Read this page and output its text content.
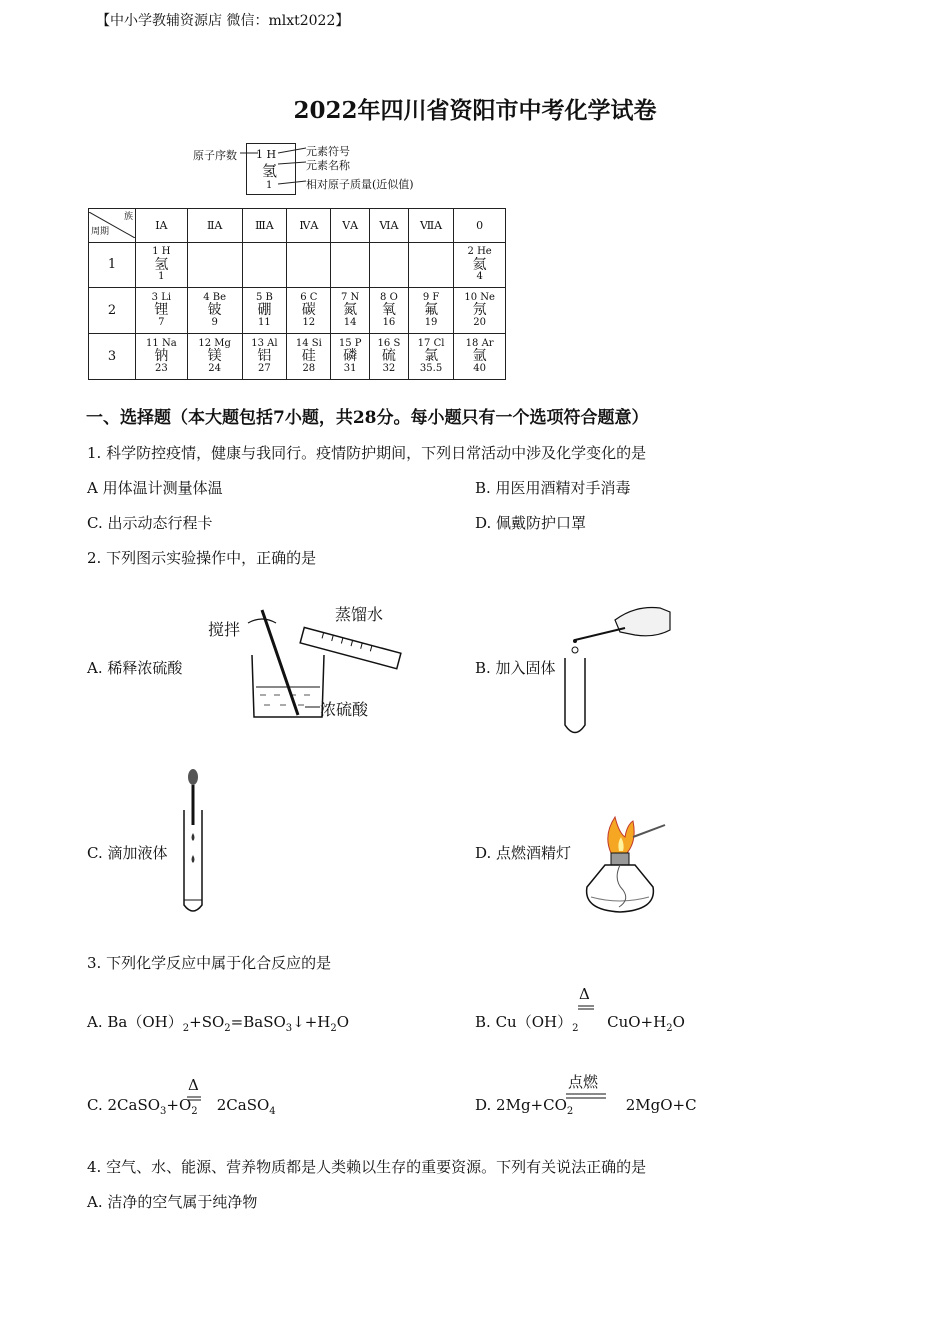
【中小学教辅资源店 微信：mlxt2022】
2022年四川省资阳市中考化学试卷
原子序数 1 H
氢
1
元素符号
元素名称
相对原子质量(近似值)
族
周期	ⅠA	ⅡA	ⅢA	ⅣA	ⅤA	ⅥA	ⅦA	0
1	1 H
氢
1							2 He
氦
4

2	3 Li
锂
7	4 Be
铍
9	5 B
硼
11	6 C
碳
12	7 N
氮
14	8 O
氧
16	9 F
氟
19	10 Ne
氖
20

3	11 Na
钠
23	12 Mg
镁
24	13 Al
铝
27	14 Si
硅
28	15 P
磷
31	16 S
硫
32	17 Cl
氯
35.5	18 Ar
氩
40
一、选择题（本大题包括7小题，共28分。每小题只有一个选项符合题意）
1. 科学防控疫情，健康与我同行。疫情防护期间，下列日常活动中涉及化学变化的是
A 用体温计测量体温	B. 用医用酒精对手消毒
C. 出示动态行程卡	D. 佩戴防护口罩
2. 下列图示实验操作中，正确的是
A. 稀释浓硫酸	B. 加入固体
C. 滴加液体	D. 点燃酒精灯
搅拌
蒸馏水
浓硫酸
3. 下列化学反应中属于化合反应的是
A. $Ba(OH)_2+SO_2=BaSO_3↓+H_2O$	B. $Cu(OH)_2$      $CuO+H_2O$
Δ
C. $2CaSO_3+O_2$    2CaSO$_4$
Δ
D. $2Mg+CO_2$           2MgO+C
点燃
4. 空气、水、能源、营养物质都是人类赖以生存的重要资源。下列有关说法正确的是
A. 洁净的空气属于纯净物
